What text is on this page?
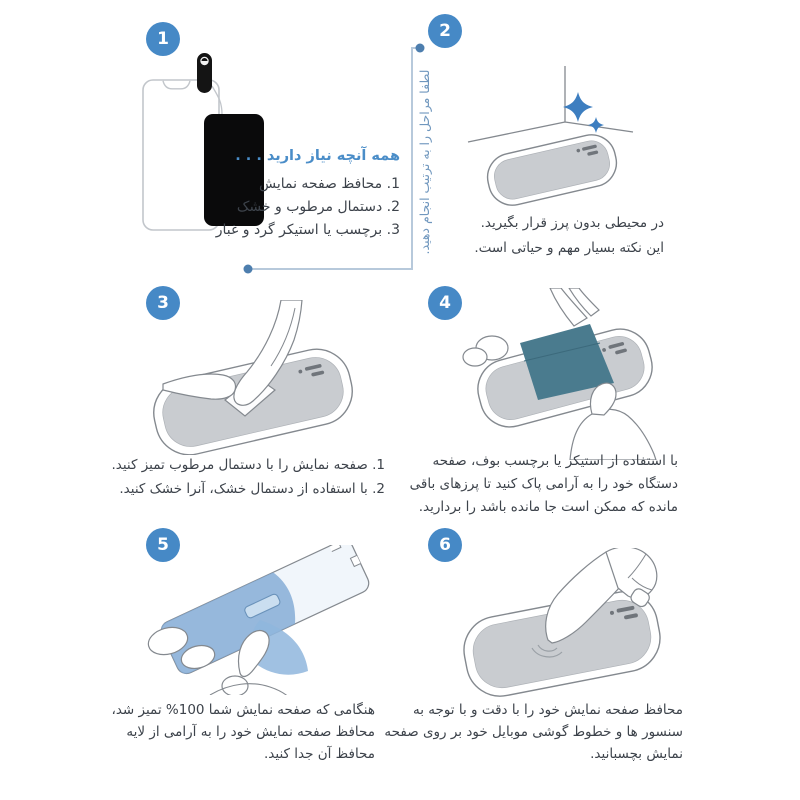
لطفا مراحل را به ترتیب انجام دهید.
1
همه آنچه نیاز دارید . . .
1. محافظ صفحه نمایش
2. دستمال مرطوب و خشک
3. برچسب یا استیکر گرد و غبار
2
در محیطی بدون پرز قرار بگیرید.
این نکته بسیار مهم و حیاتی است.
3
1. صفحه نمایش را با دستمال مرطوب تمیز کنید.
2. با استفاده از دستمال خشک، آنرا خشک کنید.
4
با استفاده از استیکر یا برچسب بوف، صفحه
دستگاه خود را به آرامی پاک کنید تا پرزهای باقی
مانده که ممکن است جا مانده باشد را بردارید.
5
هنگامی که صفحه نمایش شما 100% تمیز شد،
محافظ صفحه نمایش خود را به آرامی از لایه
محافظ آن جدا کنید.
6
محافظ صفحه نمایش خود را با دقت و با توجه به
سنسور ها و خطوط گوشی موبایل خود بر روی صفحه
نمایش بچسبانید.
